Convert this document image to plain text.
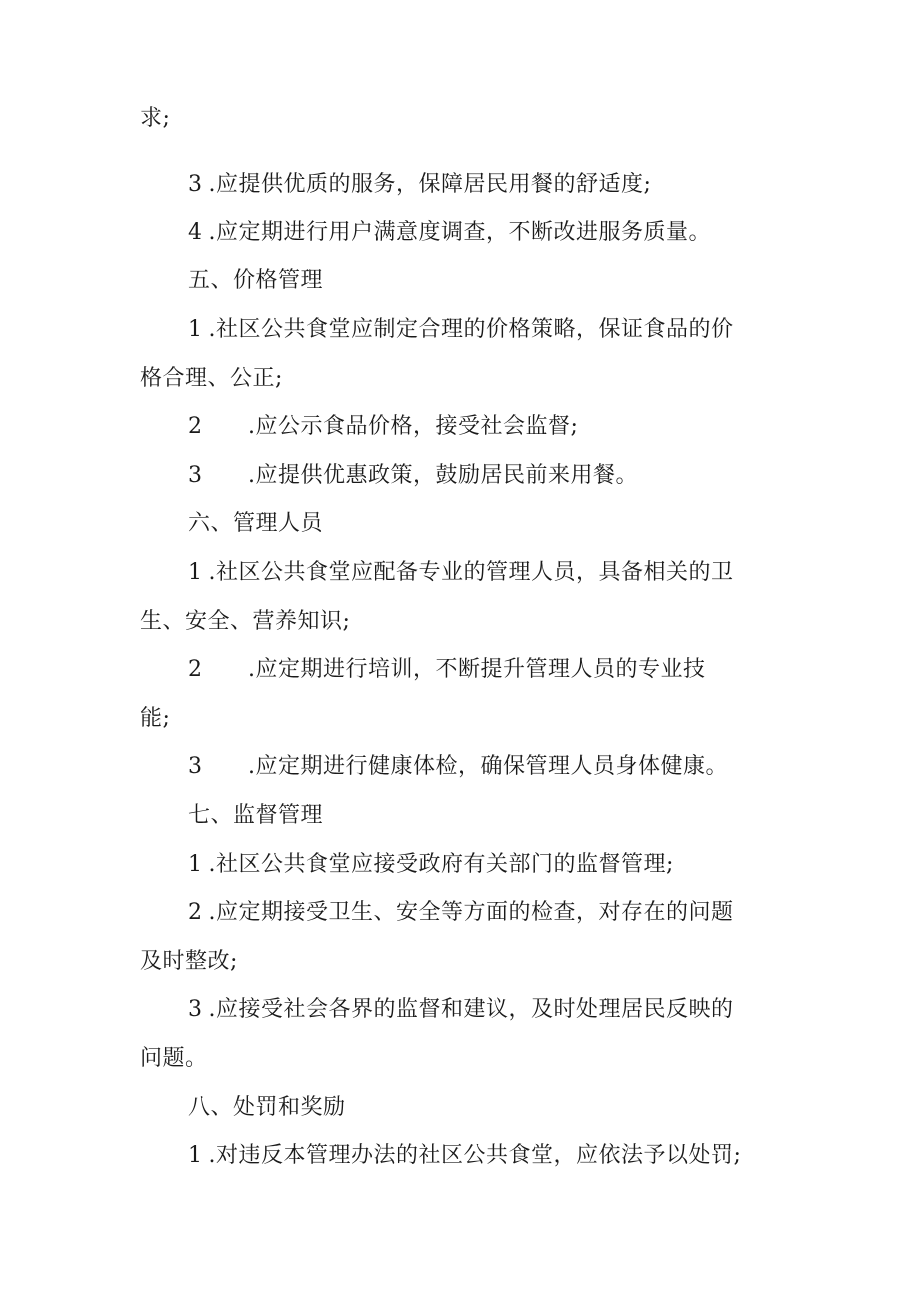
求;
3 .应提供优质的服务，保障居民用餐的舒适度;
4 .应定期进行用户满意度调查，不断改进服务质量。
五、价格管理
1 .社区公共食堂应制定合理的价格策略，保证食品的价
格合理、公正;
2 .应公示食品价格，接受社会监督;
3 .应提供优惠政策，鼓励居民前来用餐。
六、管理人员
1 .社区公共食堂应配备专业的管理人员，具备相关的卫
生、安全、营养知识;
2 .应定期进行培训，不断提升管理人员的专业技
能;
3 .应定期进行健康体检，确保管理人员身体健康。
七、监督管理
1 .社区公共食堂应接受政府有关部门的监督管理;
2 .应定期接受卫生、安全等方面的检查，对存在的问题
及时整改;
3 .应接受社会各界的监督和建议，及时处理居民反映的
问题。
八、处罚和奖励
1 .对违反本管理办法的社区公共食堂，应依法予以处罚;
